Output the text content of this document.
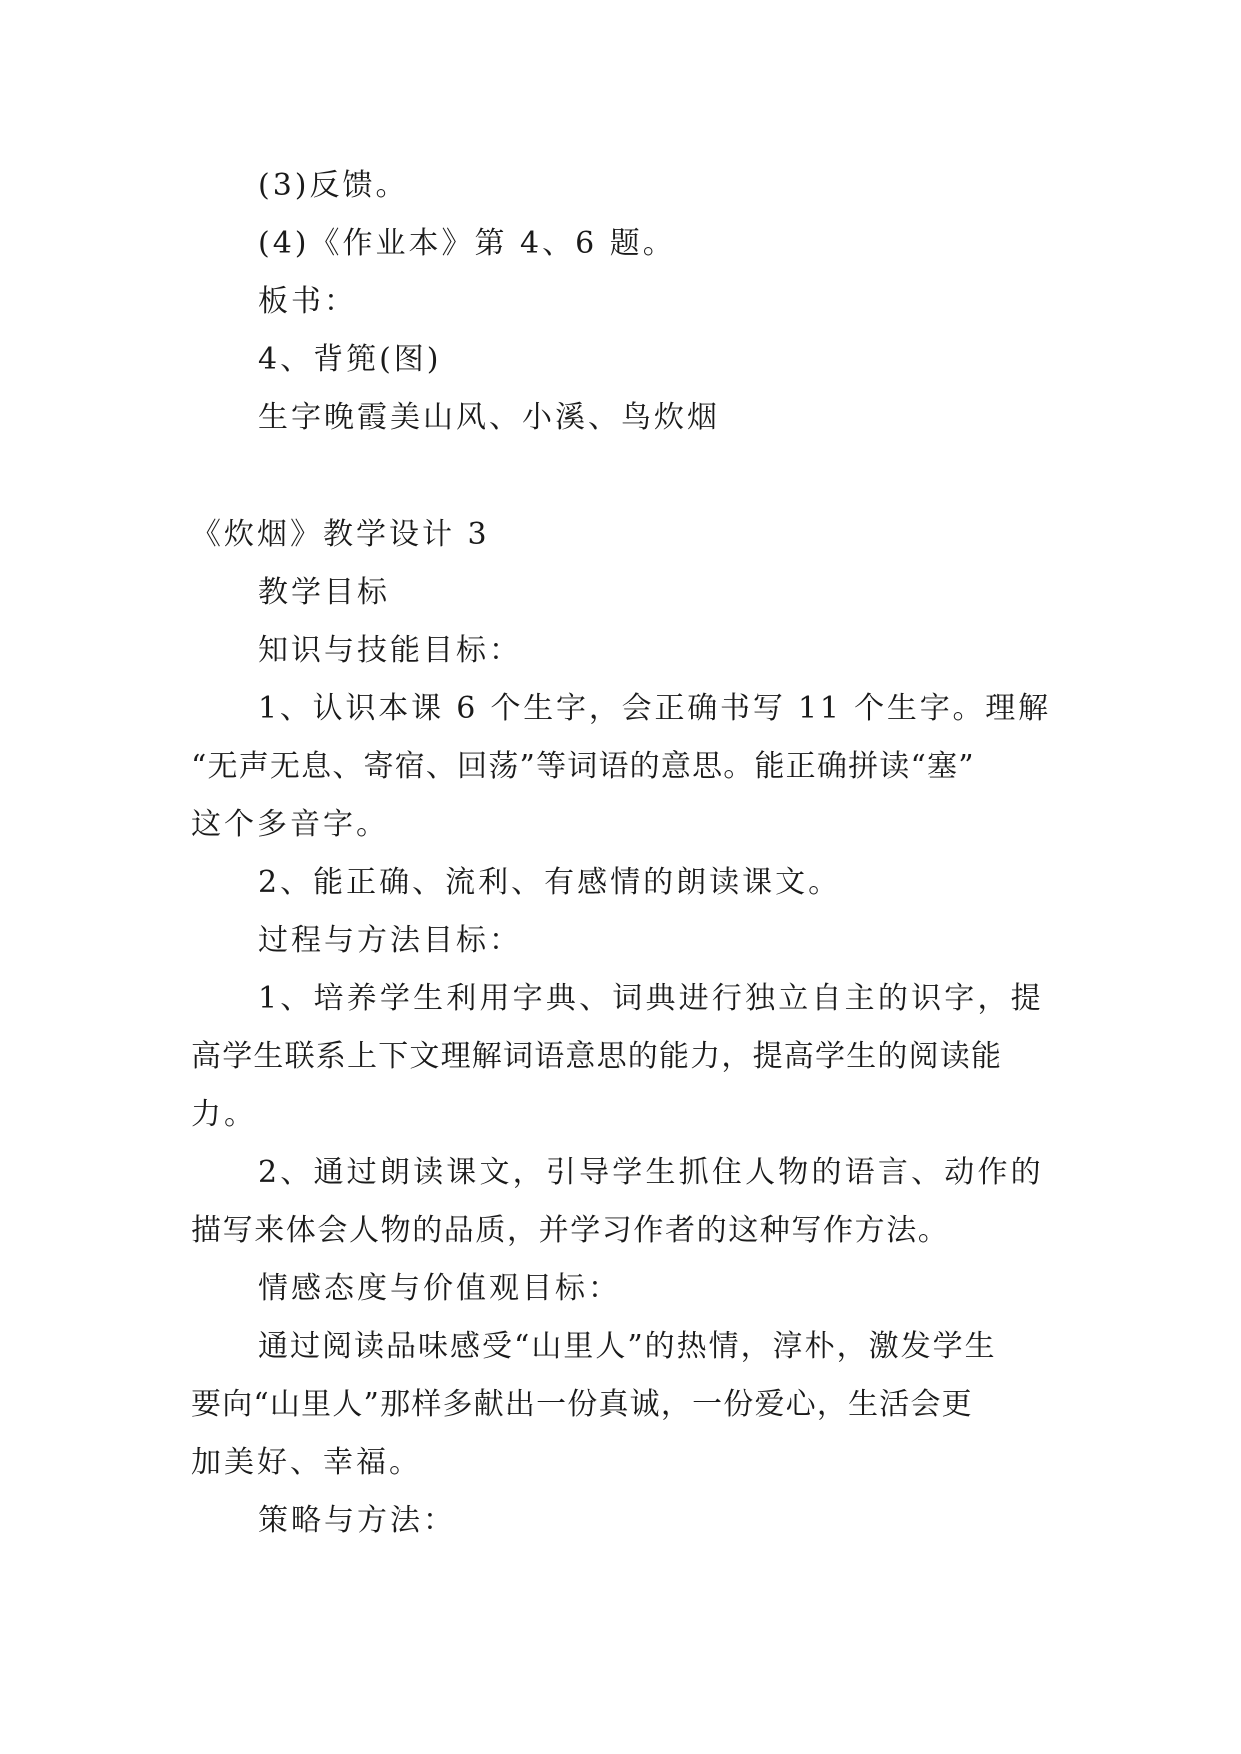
(3)反馈。
(4)《作业本》第 4、6 题。
板书：
4、背篼(图)
生字晚霞美山风、小溪、鸟炊烟
《炊烟》教学设计 3
教学目标
知识与技能目标：
1、认识本课 6 个生字，会正确书写 11 个生字。理解
“无声无息、寄宿、回荡”等词语的意思。能正确拼读“塞”
这个多音字。
2、能正确、流利、有感情的朗读课文。
过程与方法目标：
1、培养学生利用字典、词典进行独立自主的识字，提
高学生联系上下文理解词语意思的能力，提高学生的阅读能
力。
2、通过朗读课文，引导学生抓住人物的语言、动作的
描写来体会人物的品质，并学习作者的这种写作方法。
情感态度与价值观目标：
通过阅读品味感受“山里人”的热情，淳朴，激发学生
要向“山里人”那样多献出一份真诚，一份爱心，生活会更
加美好、幸福。
策略与方法：
